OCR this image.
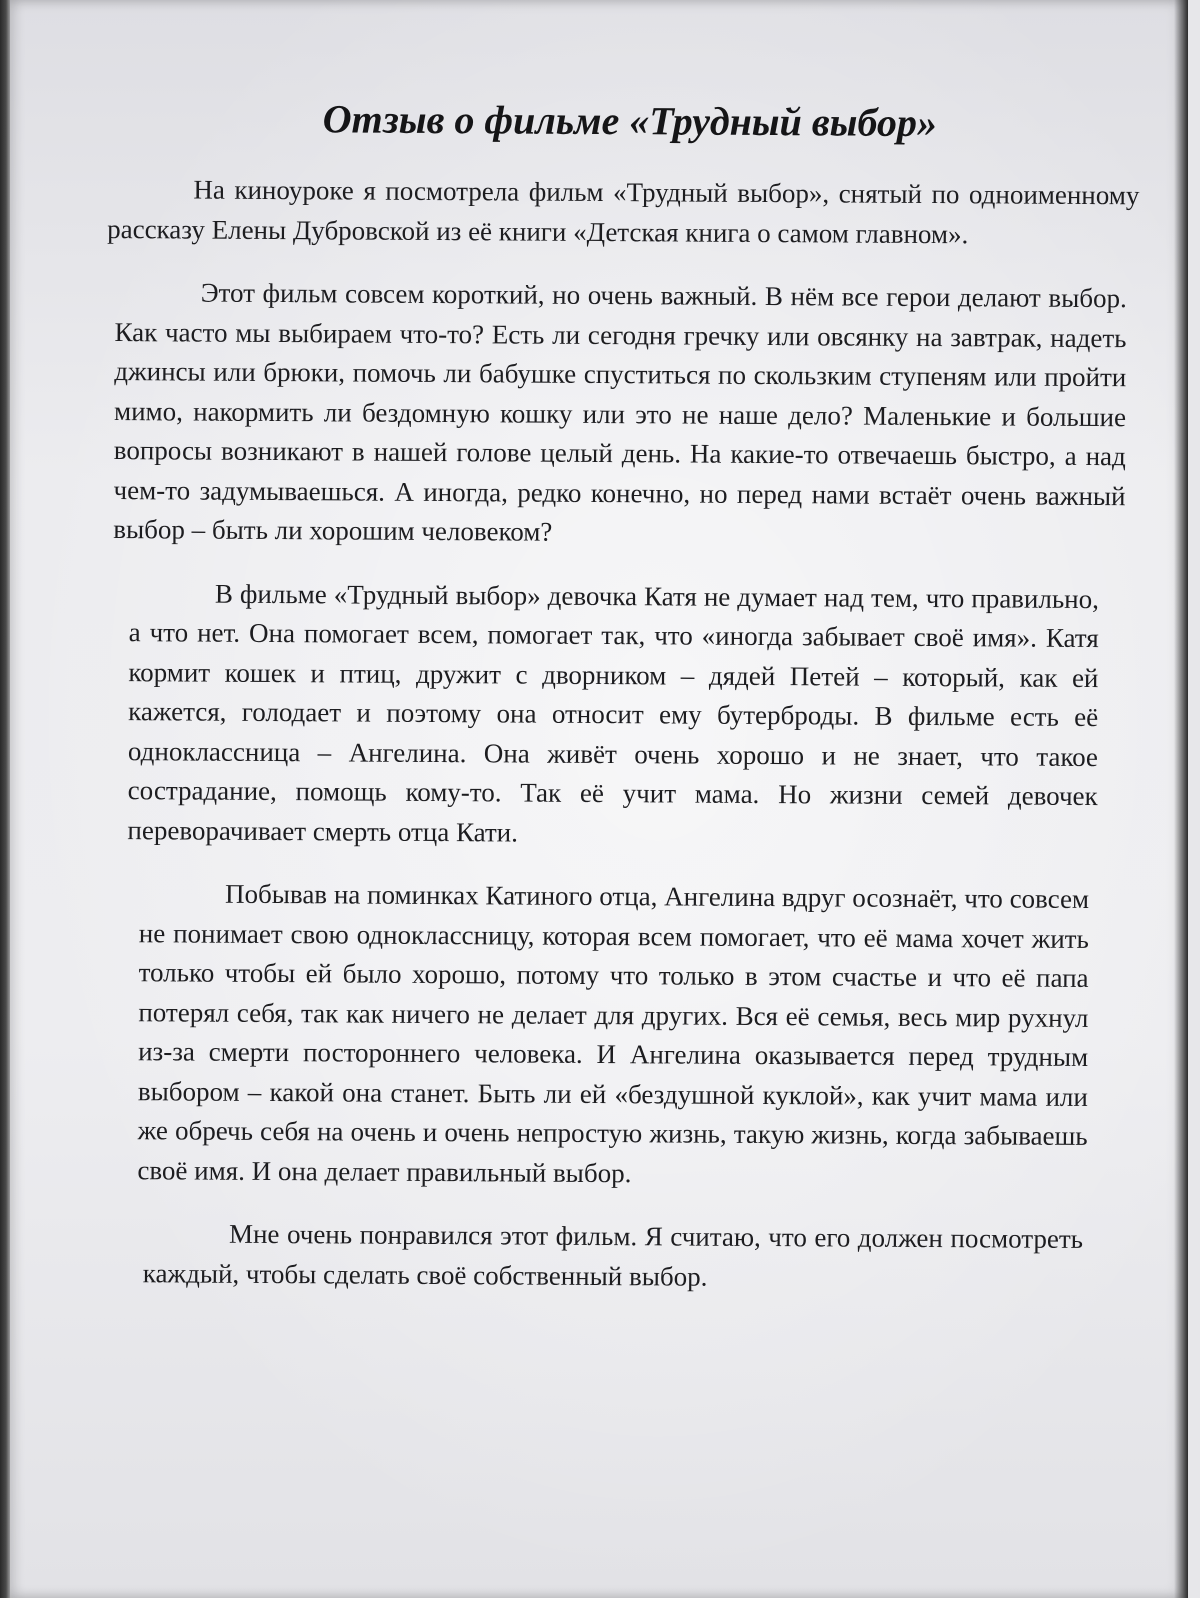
Отзыв о фильме «Трудный выбор»

На киноуроке я посмотрела фильм «Трудный выбор», снятый по одноименному рассказу Елены Дубровской из её книги «Детская книга о самом главном».

Этот фильм совсем короткий, но очень важный. В нём все герои делают выбор. Как часто мы выбираем что-то? Есть ли сегодня гречку или овсянку на завтрак, надеть джинсы или брюки, помочь ли бабушке спуститься по скользким ступеням или пройти мимо, накормить ли бездомную кошку или это не наше дело? Маленькие и большие вопросы возникают в нашей голове целый день. На какие-то отвечаешь быстро, а над чем-то задумываешься. А иногда, редко конечно, но перед нами встаёт очень важный выбор – быть ли хорошим человеком?

В фильме «Трудный выбор» девочка Катя не думает над тем, что правильно, а что нет. Она помогает всем, помогает так, что «иногда забывает своё имя». Катя кормит кошек и птиц, дружит с дворником – дядей Петей – который, как ей кажется, голодает и поэтому она относит ему бутерброды. В фильме есть её одноклассница – Ангелина. Она живёт очень хорошо и не знает, что такое сострадание, помощь кому-то. Так её учит мама. Но жизни семей девочек переворачивает смерть отца Кати.

Побывав на поминках Катиного отца, Ангелина вдруг осознаёт, что совсем не понимает свою одноклассницу, которая всем помогает, что её мама хочет жить только чтобы ей было хорошо, потому что только в этом счастье и что её папа потерял себя, так как ничего не делает для других. Вся её семья, весь мир рухнул из-за смерти постороннего человека. И Ангелина оказывается перед трудным выбором – какой она станет. Быть ли ей «бездушной куклой», как учит мама или же обречь себя на очень и очень непростую жизнь, такую жизнь, когда забываешь своё имя. И она делает правильный выбор.

Мне очень понравился этот фильм. Я считаю, что его должен посмотреть каждый, чтобы сделать своё собственный выбор.
